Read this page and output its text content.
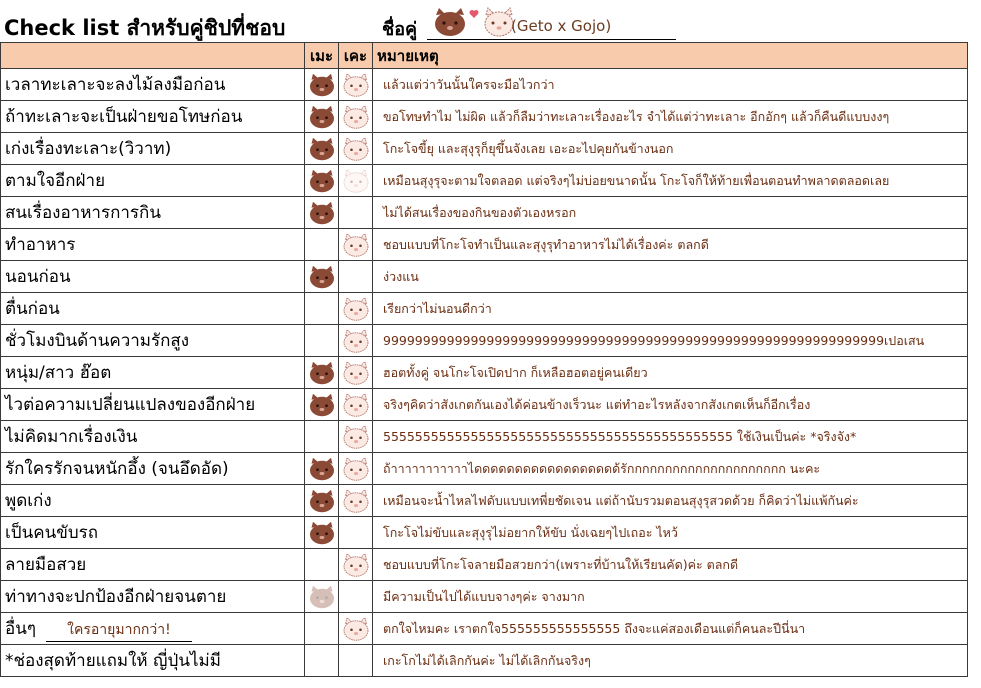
Check list สำหรับคู่ชิปที่ชอบ	ชื่อคู่

	(Geto x Gojo)
	เมะ	เคะ	หมายเหตุ
เวลาทะเลาะจะลงไม้ลงมือก่อน			แล้วแต่ว่าวันนั้นใครจะมือไวกว่า
ถ้าทะเลาะจะเป็นฝ่ายขอโทษก่อน			ขอโทษทำไม ไม่ผิด แล้วก็ลืมว่าทะเลาะเรื่องอะไร จำได้แต่ว่าทะเลาะ อีกอักๆ แล้วก็คืนดีแบบงงๆ
เก่งเรื่องทะเลาะ(วิวาท)			โกะโจขี้ยุ และสุงุรุก็ยุขึ้นจังเลย เอะอะไปคุยกันข้างนอก
ตามใจอีกฝ่าย			เหมือนสุงุรุจะตามใจตลอด แต่จริงๆไม่บ่อยขนาดนั้น โกะโจก็ให้ท้ายเพื่อนตอนทำพลาดตลอดเลย
สนเรื่องอาหารการกิน			ไม่ได้สนเรื่องของกินของตัวเองหรอก
ทำอาหาร			ชอบแบบที่โกะโจทำเป็นและสุงุรุทำอาหารไม่ได้เรื่องค่ะ ตลกดี
นอนก่อน			ง่วงแน
ตื่นก่อน			เรียกว่าไม่นอนดีกว่า
ชั่วโมงบินด้านความรักสูง			999999999999999999999999999999999999999999999999999999999999999เปอเสน
หนุ่ม/สาว ฮ๊อต			ฮอตทั้งคู่ จนโกะโจเปิดปาก ก็เหลือฮอตอยู่คนเดียว
ไวต่อความเปลี่ยนแปลงของอีกฝ่าย			จริงๆคิดว่าสังเกตกันเองได้ค่อนข้างเร็วนะ แต่ทำอะไรหลังจากสังเกตเห็นก็อีกเรื่อง
ไม่คิดมากเรื่องเงิน			55555555555555555555555555555555555555555555 ใช้เงินเป็นค่ะ *จริงจัง*
รักใครรักจนหนักอึ้ง (จนอึดอัด)			ถ้าาาาาาาาาาาไดดดดดดดดดดดดดดดดดด้รักกกกกกกกกกกกกกกกกกกกก นะคะ
พูดเก่ง			เหมือนจะน้ำไหลไฟดับแบบเทพี่ยชัดเจน แต่ถ้านับรวมตอนสุงุรุสวดด้วย ก็คิดว่าไม่แพ้กันค่ะ
เป็นคนขับรถ			โกะโจไม่ขับและสุงุรุไม่อยากให้ขับ นั่งเฉยๆไปเถอะ ไหว้
ลายมือสวย			ชอบแบบที่โกะโจลายมือสวยกว่า(เพราะที่บ้านให้เรียนคัด)ค่ะ ตลกดี
ท่าทางจะปกป้องอีกฝ่ายจนตาย			มีความเป็นไปได้แบบจางๆค่ะ จางมาก
อื่นๆ ใครอายุมากกว่า!			ตกใจไหมคะ เราตกใจ555555555555555 ถึงจะแค่สองเดือนแต่ก็คนละปีนี่นา
*ช่องสุดท้ายแถมให้ ญี่ปุ่นไม่มี			เกะโกไม่ได้เลิกกันค่ะ ไม่ได้เลิกกันจริงๆ
